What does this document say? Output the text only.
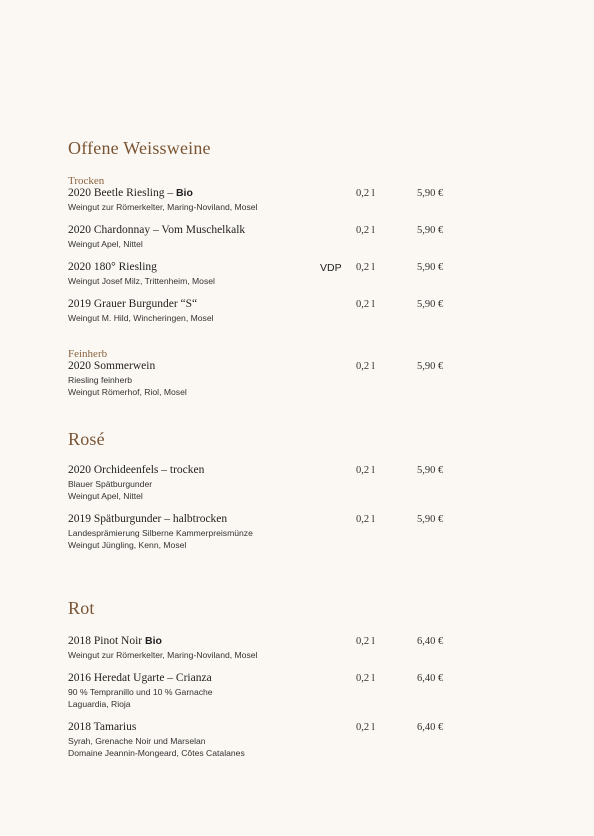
Offene Weissweine
Trocken
2020 Beetle Riesling – Bio
Weingut zur Römerkelter, Maring-Noviland, Mosel
0,2 l	5,90 €
2020 Chardonnay – Vom Muschelkalk
Weingut Apel, Nittel
0,2 l	5,90 €
2020 180° Riesling
Weingut Josef Milz, Trittenheim, Mosel
VDP 0,2 l	5,90 €
2019 Grauer Burgunder “S“
Weingut M. Hild, Wincheringen, Mosel
0,2 l	5,90 €
Feinherb
2020 Sommerwein
Riesling feinherb
Weingut Römerhof, Riol, Mosel
0,2 l	5,90 €
Rosé
2020 Orchideenfels – trocken
Blauer Spätburgunder
Weingut Apel, Nittel
0,2 l	5,90 €
2019 Spätburgunder – halbtrocken
Landesprämierung Silberne Kammerpreismünze
Weingut Jüngling, Kenn, Mosel
0,2 l	5,90 €
Rot
2018 Pinot Noir Bio
Weingut zur Römerkelter, Maring-Noviland, Mosel
0,2 l	6,40 €
2016 Heredat Ugarte – Crianza
90 % Tempranillo und 10 % Garnache
Laguardia, Rioja
0,2 l	6,40 €
2018 Tamarius
Syrah, Grenache Noir und Marselan
Domaine Jeannin-Mongeard, Côtes Catalanes
0,2 l	6,40 €
